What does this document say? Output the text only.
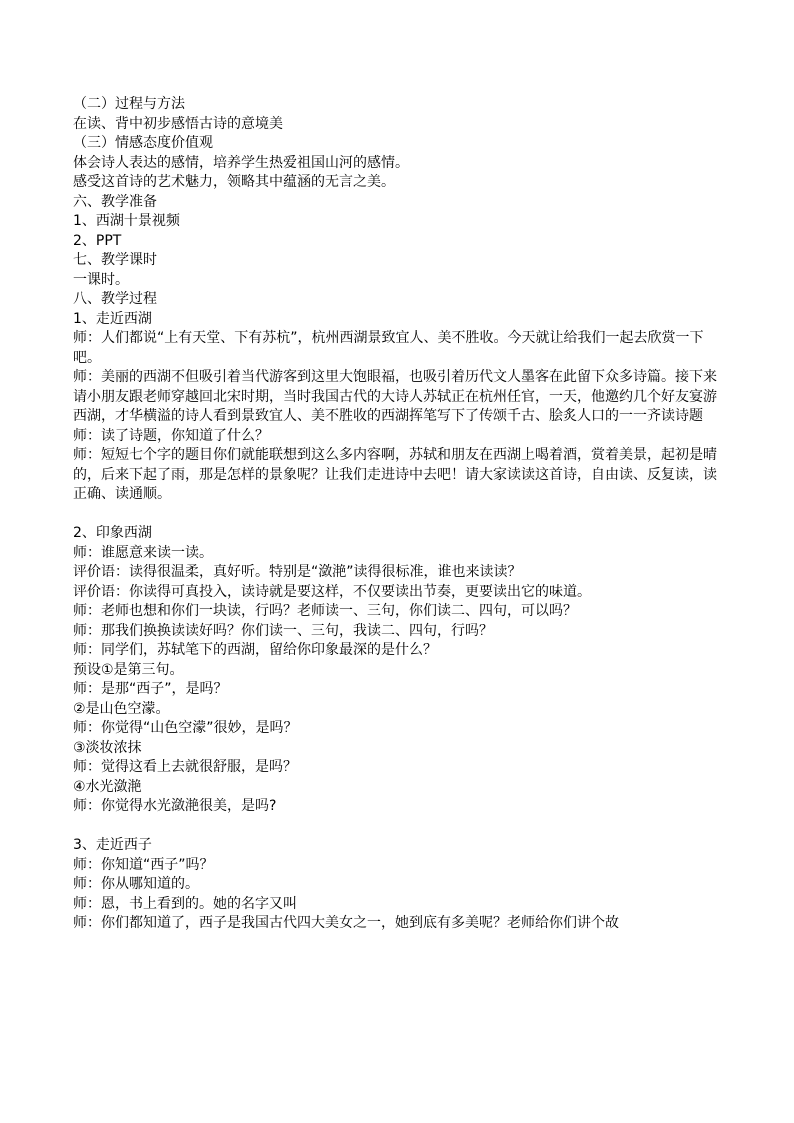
（二）过程与方法
在读、背中初步感悟古诗的意境美
（三）情感态度价值观
体会诗人表达的感情，培养学生热爱祖国山河的感情。
感受这首诗的艺术魅力，领略其中蕴涵的无言之美。
六、教学准备
1、西湖十景视频
2、PPT
七、教学课时
一课时。
八、教学过程
1、走近西湖
师：人们都说“上有天堂、下有苏杭”，杭州西湖景致宜人、美不胜收。今天就让给我们一起去欣赏一下吧。
师：美丽的西湖不但吸引着当代游客到这里大饱眼福，也吸引着历代文人墨客在此留下众多诗篇。接下来请小朋友跟老师穿越回北宋时期，当时我国古代的大诗人苏轼正在杭州任官，一天，他邀约几个好友宴游西湖，才华横溢的诗人看到景致宜人、美不胜收的西湖挥笔写下了传颂千古、脍炙人口的一一齐读诗题
师：读了诗题，你知道了什么？
师：短短七个字的题目你们就能联想到这么多内容啊，苏轼和朋友在西湖上喝着酒，赏着美景，起初是晴的，后来下起了雨，那是怎样的景象呢？让我们走进诗中去吧！请大家读读这首诗，自由读、反复读，读正确、读通顺。
2、印象西湖
师：谁愿意来读一读。
评价语：读得很温柔，真好听。特别是“潋滟”读得很标准，谁也来读读？
评价语：你读得可真投入，读诗就是要这样，不仅要读出节奏，更要读出它的味道。
师：老师也想和你们一块读，行吗？老师读一、三句，你们读二、四句，可以吗？
师：那我们换换读读好吗？你们读一、三句，我读二、四句，行吗？
师：同学们，苏轼笔下的西湖，留给你印象最深的是什么？
预设①是第三句。
师：是那“西子”，是吗？
②是山色空濛。
师：你觉得“山色空濛”很妙，是吗？
③淡妆浓抹
师：觉得这看上去就很舒服，是吗？
④水光潋滟
师：你觉得水光潋滟很美，是吗?
3、走近西子
师：你知道“西子”吗？
师：你从哪知道的。
师：恩，书上看到的。她的名字又叫
师：你们都知道了，西子是我国古代四大美女之一，她到底有多美呢？老师给你们讲个故
